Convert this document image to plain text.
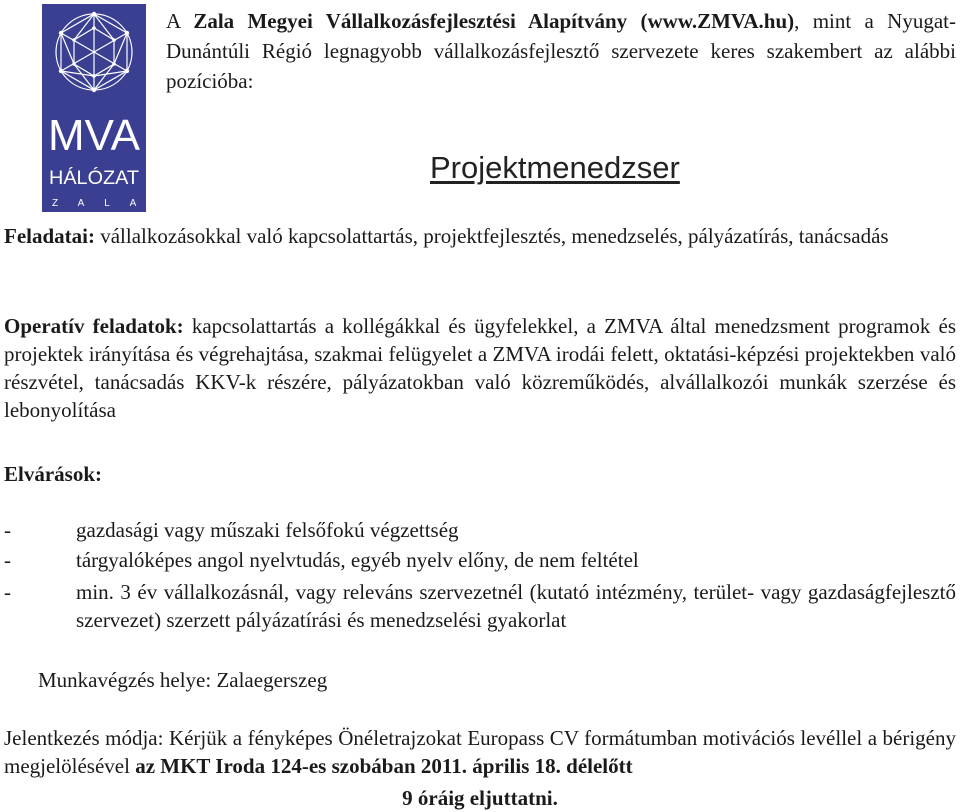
MVA
HÁLÓZAT
Z A L A
A Zala Megyei Vállalkozásfejlesztési Alapítvány (www.ZMVA.hu), mint a Nyugat-Dunántúli Régió legnagyobb vállalkozásfejlesztő szervezete keres szakembert az alábbi pozícióba:
Projektmenedzser
Feladatai: vállalkozásokkal való kapcsolattartás, projektfejlesztés, menedzselés, pályázatírás, tanácsadás
Operatív feladatok: kapcsolattartás a kollégákkal és ügyfelekkel, a ZMVA által menedzsment programok és projektek irányítása és végrehajtása, szakmai felügyelet a ZMVA irodái felett, oktatási-képzési projektekben való részvétel, tanácsadás KKV-k részére, pályázatokban való közreműködés, alvállalkozói munkák szerzése és lebonyolítása
Elvárások:
-	gazdasági vagy műszaki felsőfokú végzettség
-	tárgyalóképes angol nyelvtudás, egyéb nyelv előny, de nem feltétel
-	min. 3 év vállalkozásnál, vagy releváns szervezetnél (kutató intézmény, terület- vagy gazdaságfejlesztő szervezet) szerzett pályázatírási és menedzselési gyakorlat
Munkavégzés helye: Zalaegerszeg
Jelentkezés módja: Kérjük a fényképes Önéletrajzokat Europass CV formátumban motivációs levéllel a bérigény megjelölésével az MKT Iroda 124-es szobában 2011. április 18. délelőtt
9 óráig eljuttatni.
